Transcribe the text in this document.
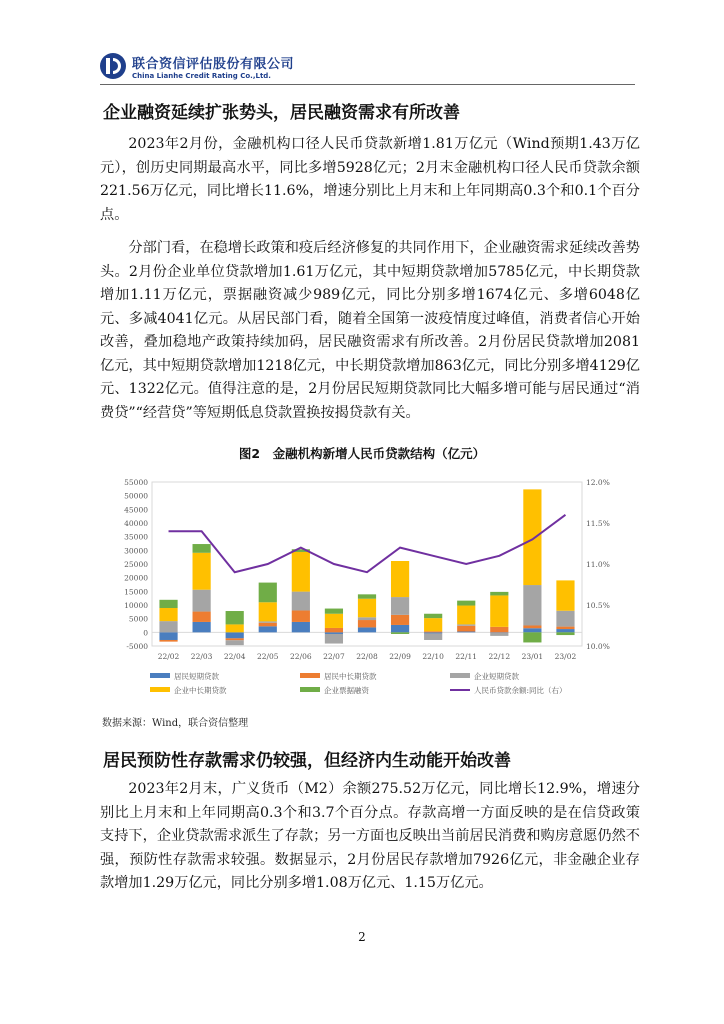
联合资信评估股份有限公司
China Lianhe Credit Rating Co.,Ltd.
企业融资延续扩张势头，居民融资需求有所改善
2023年2月份，金融机构口径人民币贷款新增1.81万亿元（Wind预期1.43万亿元），创历史同期最高水平，同比多增5928亿元；2月末金融机构口径人民币贷款余额221.56万亿元，同比增长11.6%，增速分别比上月末和上年同期高0.3个和0.1个百分点。
分部门看，在稳增长政策和疫后经济修复的共同作用下，企业融资需求延续改善势头。2月份企业单位贷款增加1.61万亿元，其中短期贷款增加5785亿元，中长期贷款增加1.11万亿元，票据融资减少989亿元，同比分别多增1674亿元、多增6048亿元、多减4041亿元。从居民部门看，随着全国第一波疫情度过峰值，消费者信心开始改善，叠加稳地产政策持续加码，居民融资需求有所改善。2月份居民贷款增加2081亿元，其中短期贷款增加1218亿元，中长期贷款增加863亿元，同比分别多增4129亿元、1322亿元。值得注意的是，2月份居民短期贷款同比大幅多增可能与居民通过“消费贷”“经营贷”等短期低息贷款置换按揭贷款有关。
图2　金融机构新增人民币贷款结构（亿元）
-5000
0
5000
10000
15000
20000
25000
30000
35000
40000
45000
50000
55000
10.0%
10.5%
11.0%
11.5%
12.0%
22/02 22/03 22/04 22/05 22/06 22/07 22/08 22/09 22/10 22/11 22/12 23/01 23/02
居民短期贷款	居民中长期贷款	企业短期贷款
企业中长期贷款	企业票据融资	人民币贷款余额:同比（右）
数据来源：Wind，联合资信整理
居民预防性存款需求仍较强，但经济内生动能开始改善
2023年2月末，广义货币（M2）余额275.52万亿元，同比增长12.9%，增速分别比上月末和上年同期高0.3个和3.7个百分点。存款高增一方面反映的是在信贷政策支持下，企业贷款需求派生了存款；另一方面也反映出当前居民消费和购房意愿仍然不强，预防性存款需求较强。数据显示，2月份居民存款增加7926亿元，非金融企业存款增加1.29万亿元，同比分别多增1.08万亿元、1.15万亿元。
2
